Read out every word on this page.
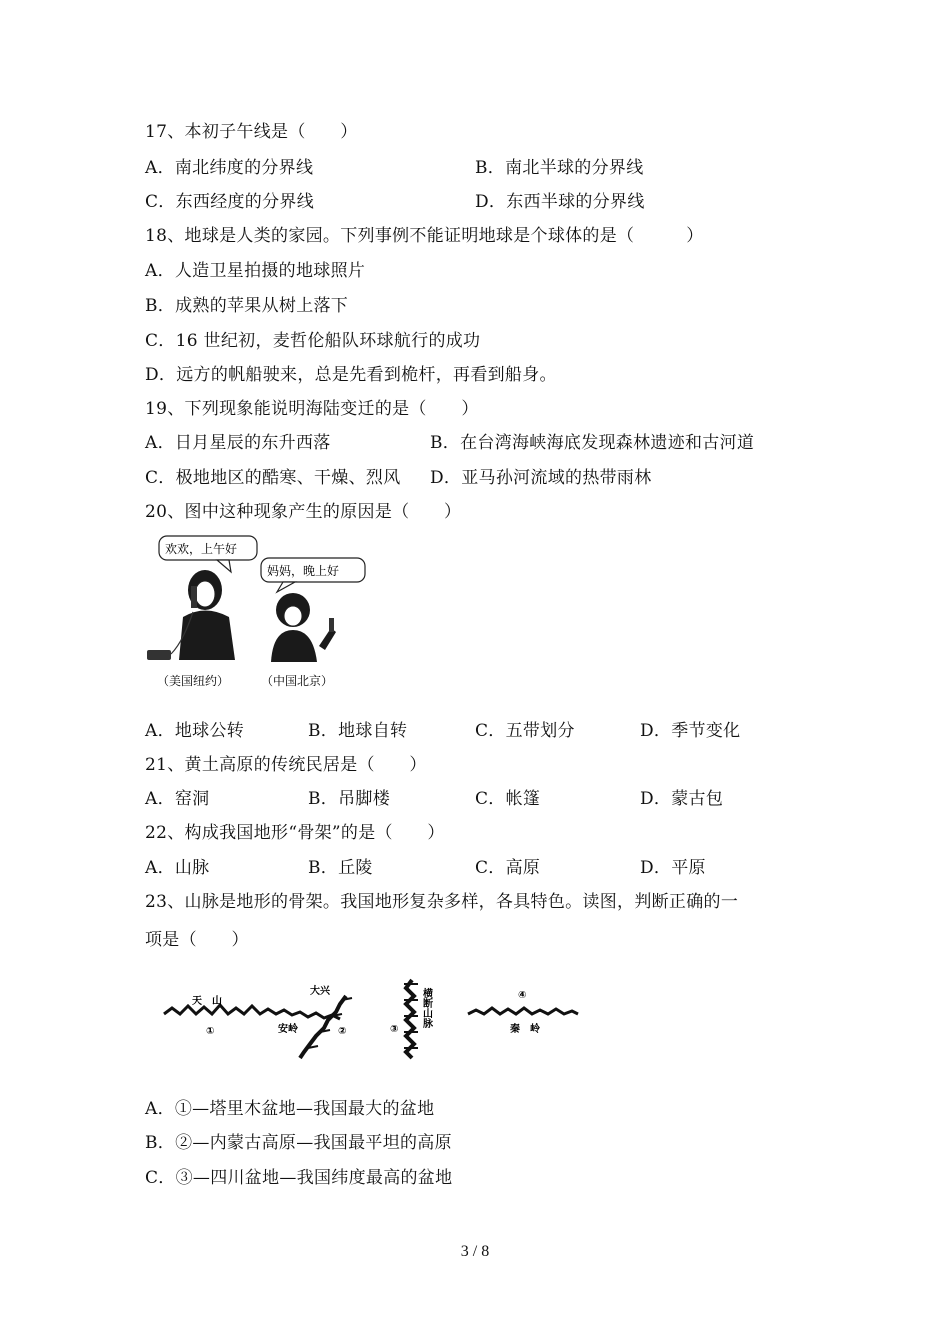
17、本初子午线是（　　）
A．南北纬度的分界线	B．南北半球的分界线
C．东西经度的分界线	D．东西半球的分界线
18、地球是人类的家园。下列事例不能证明地球是个球体的是（　　　）
A．人造卫星拍摄的地球照片
B．成熟的苹果从树上落下
C．16 世纪初，麦哲伦船队环球航行的成功
D．远方的帆船驶来，总是先看到桅杆，再看到船身。
19、下列现象能说明海陆变迁的是（　　）
A．日月星辰的东升西落	B．在台湾海峡海底发现森林遗迹和古河道
C．极地地区的酷寒、干燥、烈风 D．亚马孙河流域的热带雨林
20、图中这种现象产生的原因是（　　）
欢欢，上午好
妈妈，晚上好
（美国纽约）	（中国北京）
A．地球公转	B．地球自转	C．五带划分	D．季节变化
21、黄土高原的传统民居是（　　）
A．窑洞	B．吊脚楼	C．帐篷	D．蒙古包
22、构成我国地形“骨架”的是（　　）
A．山脉	B．丘陵	C．高原	D．平原
23、山脉是地形的骨架。我国地形复杂多样，各具特色。读图，判断正确的一
项是（　　）
天　山
①
大兴
安岭	②
横断山脉
③
④
秦　岭
A．①—塔里木盆地—我国最大的盆地
B．②—内蒙古高原—我国最平坦的高原
C．③—四川盆地—我国纬度最高的盆地
3 / 8
